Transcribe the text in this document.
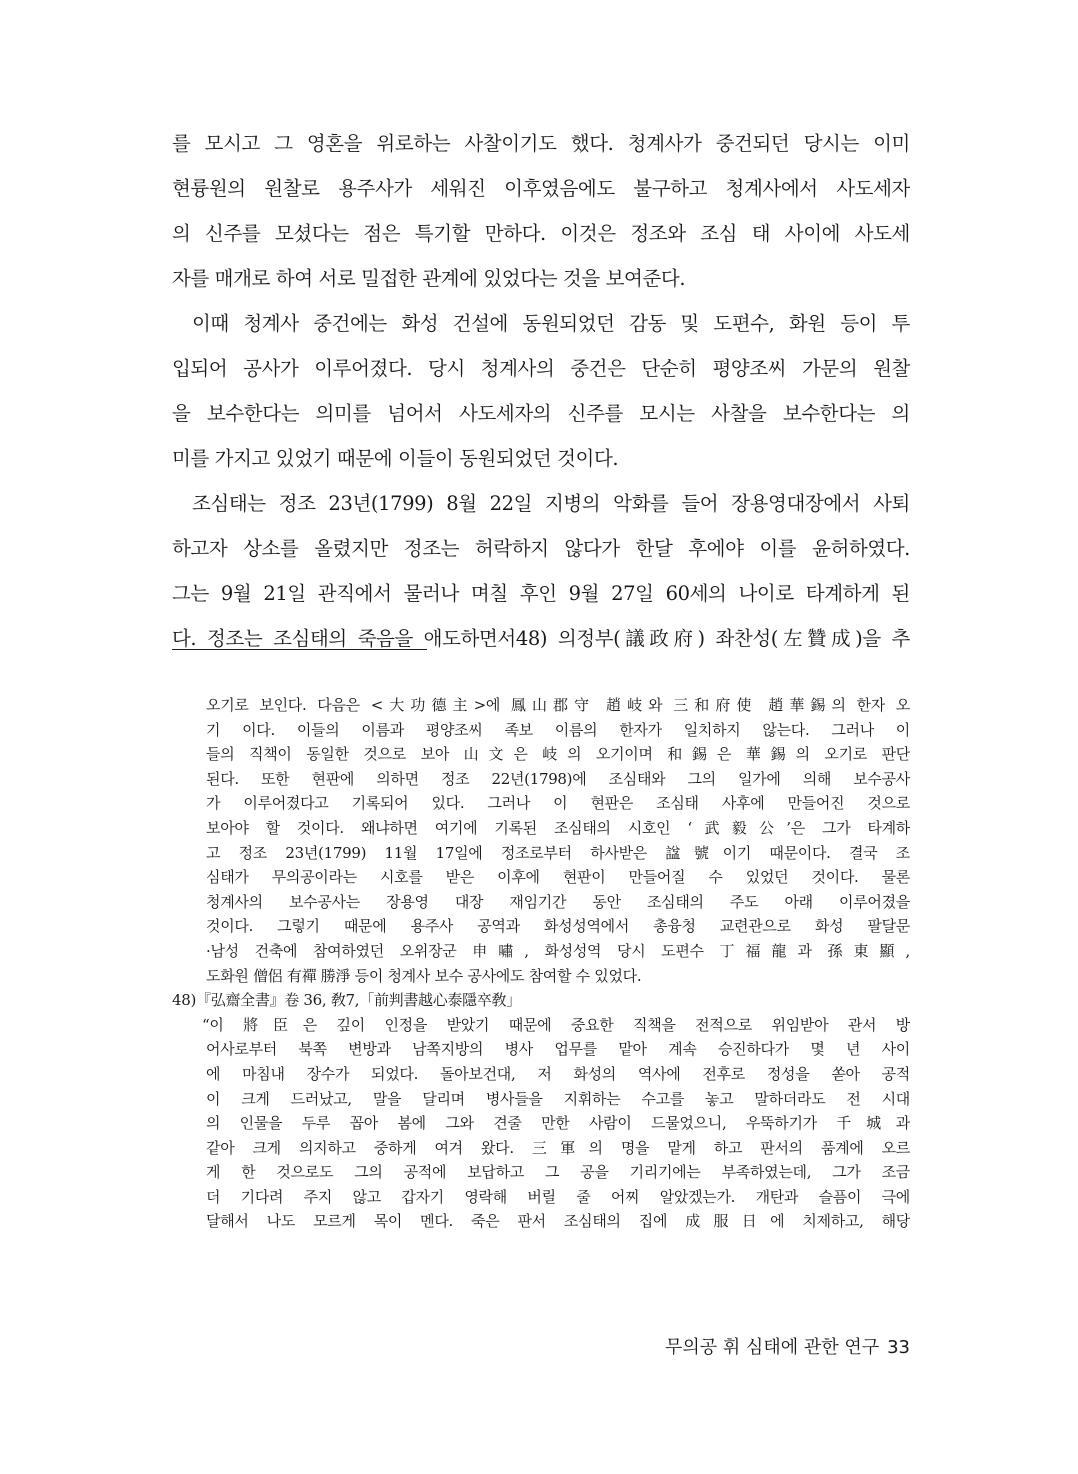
를 모시고 그 영혼을 위로하는 사찰이기도 했다. 청계사가 중건되던 당시는 이미
현륭원의 원찰로 용주사가 세워진 이후였음에도 불구하고 청계사에서 사도세자
의 신주를 모셨다는 점은 특기할 만하다. 이것은 정조와 조심 태 사이에 사도세
자를 매개로 하여 서로 밀접한 관계에 있었다는 것을 보여준다.
이때 청계사 중건에는 화성 건설에 동원되었던 감동 및 도편수, 화원 등이 투
입되어 공사가 이루어졌다. 당시 청계사의 중건은 단순히 평양조씨 가문의 원찰
을 보수한다는 의미를 넘어서 사도세자의 신주를 모시는 사찰을 보수한다는 의
미를 가지고 있었기 때문에 이들이 동원되었던 것이다.
조심태는 정조 23년(1799) 8월 22일 지병의 악화를 들어 장용영대장에서 사퇴
하고자 상소를 올렸지만 정조는 허락하지 않다가 한달 후에야 이를 윤허하였다.
그는 9월 21일 관직에서 물러나 며칠 후인 9월 27일 60세의 나이로 타계하게 된
다. 정조는 조심태의 죽음을 애도하면서48) 의정부(議政府) 좌찬성(左贊成)을 추
오기로 보인다. 다음은 <大功德主>에 鳳山郡守 趙岐와 三和府使 趙華錫의 한자 오
기 이다. 이들의 이름과 평양조씨 족보 이름의 한자가 일치하지 않는다. 그러나 이
들의 직책이 동일한 것으로 보아 山文은 岐의 오기이며 和錫은 華錫의 오기로 판단
된다. 또한 현판에 의하면 정조 22년(1798)에 조심태와 그의 일가에 의해 보수공사
가 이루어졌다고 기록되어 있다. 그러나 이 현판은 조심태 사후에 만들어진 것으로
보아야 할 것이다. 왜냐하면 여기에 기록된 조심태의 시호인 ‘武毅公’은 그가 타계하
고 정조 23년(1799) 11월 17일에 정조로부터 하사받은 諡號이기 때문이다. 결국 조
심태가 무의공이라는 시호를 받은 이후에 현판이 만들어질 수 있었던 것이다. 물론
청계사의 보수공사는 장용영 대장 재임기간 동안 조심태의 주도 아래 이루어졌을
것이다. 그렇기 때문에 용주사 공역과 화성성역에서 총융청 교련관으로 화성 팔달문
·남성 건축에 참여하였던 오위장군 申嘯, 화성성역 당시 도편수 丁福龍과 孫東顯,
도화원 僧侶 有禪 勝淨 등이 청계사 보수 공사에도 참여할 수 있었다.
48)『弘齋全書』卷 36, 敎7,「前判書越心泰隱卒敎」
“이 將臣은 깊이 인정을 받았기 때문에 중요한 직책을 전적으로 위임받아 관서 방
어사로부터 북쪽 변방과 남쪽지방의 병사 업무를 맡아 계속 승진하다가 몇 년 사이
에 마침내 장수가 되었다. 돌아보건대, 저 화성의 역사에 전후로 정성을 쏟아 공적
이 크게 드러났고, 말을 달리며 병사들을 지휘하는 수고를 놓고 말하더라도 전 시대
의 인물을 두루 꼽아 봄에 그와 견줄 만한 사람이 드물었으니, 우뚝하기가 千城과
같아 크게 의지하고 중하게 여겨 왔다. 三軍의 명을 맡게 하고 판서의 품계에 오르
게 한 것으로도 그의 공적에 보답하고 그 공을 기리기에는 부족하였는데, 그가 조금
더 기다려 주지 않고 갑자기 영락해 버릴 줄 어찌 알았겠는가. 개탄과 슬픔이 극에
달해서 나도 모르게 목이 멘다. 죽은 판서 조심태의 집에 成服日에 치제하고, 해당
무의공 휘 심태에 관한 연구 33
